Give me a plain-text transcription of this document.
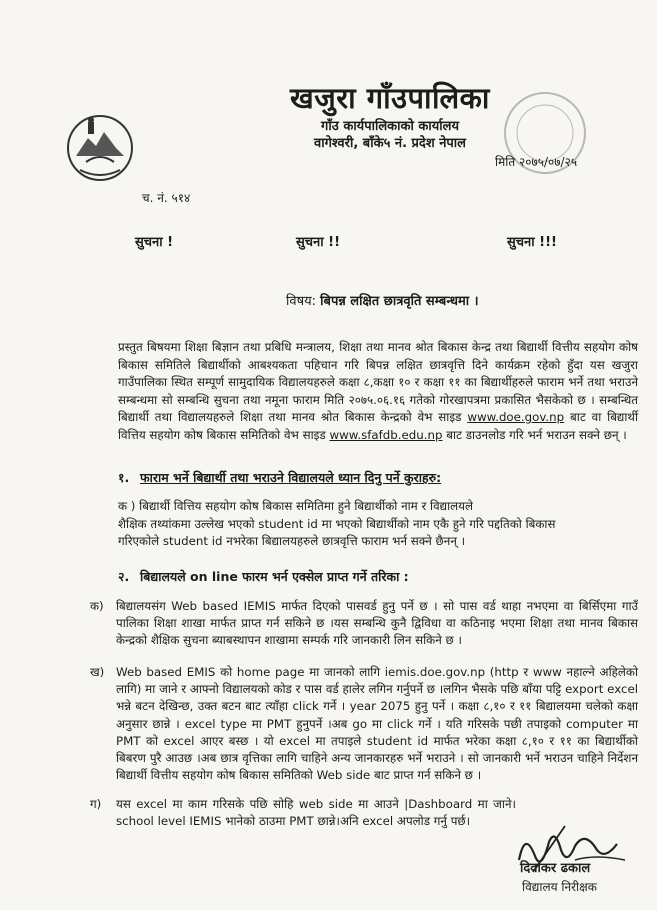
खजुरा गाँउपालिका
गाँउ कार्यपालिकाको कार्यालय
वागेश्वरी, बाँके५ नं. प्रदेश नेपाल
मिति २०७५/०७/२५
च. नं. ५१४
सुचना !	सुचना !!	सुचना !!!
विषय: बिपन्न लक्षित छात्रवृति सम्बन्धमा ।
प्रस्तुत बिषयमा शिक्षा बिज्ञान तथा प्रबिधि मन्त्रालय, शिक्षा तथा मानव श्रोत बिकास केन्द्र तथा बिद्यार्थी वित्तीय सहयोग कोष बिकास समितिले बिद्यार्थीको आबश्यकता पहिचान गरि बिपन्न लक्षित छात्रवृत्ति दिने कार्यक्रम रहेको हुँदा यस खजुरा गाउँपालिका स्थित सम्पूर्ण सामुदायिक विद्यालयहरुले कक्षा ८,कक्षा १० र कक्षा ११ का बिद्यार्थीहरुले फाराम भर्ने तथा भराउने सम्बन्धमा सो सम्बन्धि सुचना तथा नमूना फाराम मिति २०७५.०६.१६ गतेको गोरखापत्रमा प्रकासित भैसकेको छ । सम्बन्धित बिद्यार्थी तथा विद्यालयहरुले शिक्षा तथा मानव श्रोत बिकास केन्द्रको वेभ साइड www.doe.gov.np बाट वा बिद्यार्थी वित्तिय सहयोग कोष बिकास समितिको वेभ साइड www.sfafdb.edu.np बाट डाउनलोड गरि भर्न भराउन सक्ने छन् ।
१. फाराम भर्ने बिद्यार्थी तथा भराउने विद्यालयले ध्यान दिनु पर्ने कुराहरु:
क ) बिद्यार्थी वित्तिय सहयोग कोष बिकास समितिमा हुने बिद्यार्थीको नाम र विद्यालयले
शैक्षिक तथ्यांकमा उल्लेख भएको student id मा भएको बिद्यार्थीको नाम एकै हुने गरि पद्दतिको बिकास
गरिएकोले student id नभरेका बिद्यालयहरुले छात्रवृत्ति फाराम भर्न सक्ने छैनन् ।
२. बिद्यालयले on line फारम भर्न एक्सेल प्राप्त गर्ने तरिका :
क) बिद्यालयसंग Web based IEMIS मार्फत दिएको पासवर्ड हुनु पर्ने छ । सो पास वर्ड थाहा नभएमा वा बिर्सिएमा गाउँ पालिका शिक्षा शाखा मार्फत प्राप्त गर्न सकिने छ ।यस सम्बन्धि कुनै द्विविधा वा कठिनाइ भएमा शिक्षा तथा मानव बिकास केन्द्रको शैक्षिक सुचना ब्याबस्थापन शाखामा सम्पर्क गरि जानकारी लिन सकिने छ ।
ख) Web based EMIS को home page मा जानको लागि iemis.doe.gov.np (http र www नहाल्ने अहिलेको लागि) मा जाने र आफ्नो विद्यालयको कोड र पास वर्ड हालेर लगिन गर्नुपर्ने छ ।लगिन भैसके पछि बाँया पट्टि export excel भन्ने बटन देखिन्छ, उक्त बटन बाट त्याँहा click गर्ने । year 2075 हुनु पर्ने । कक्षा ८,१० र ११ बिद्यालयमा चलेको कक्षा अनुसार छान्ने । excel type मा PMT हुनुपर्ने ।अब go मा click गर्ने । यति गरिसके पछी तपाइको computer मा PMT को excel आएर बस्छ । यो excel मा तपाइले student id मार्फत भरेका कक्षा ८,१० र ११ का बिद्यार्थीको बिबरण पुरै आउछ ।अब छात्र वृत्तिका लागि चाहिने अन्य जानकारहरु भर्ने भराउने । सो जानकारी भर्ने भराउन चाहिने निर्देशन बिद्यार्थी वित्तीय सहयोग कोष बिकास समितिको Web side बाट प्राप्त गर्न सकिने छ ।
ग) यस excel मा काम गरिसके पछि सोहि web side मा आउने |Dashboard मा जाने। school level IEMIS भानेको ठाउमा PMT छान्ने।अनि excel अपलोड गर्नु पर्छ।
दिवाकर ढकाल
विद्यालय निरीक्षक
